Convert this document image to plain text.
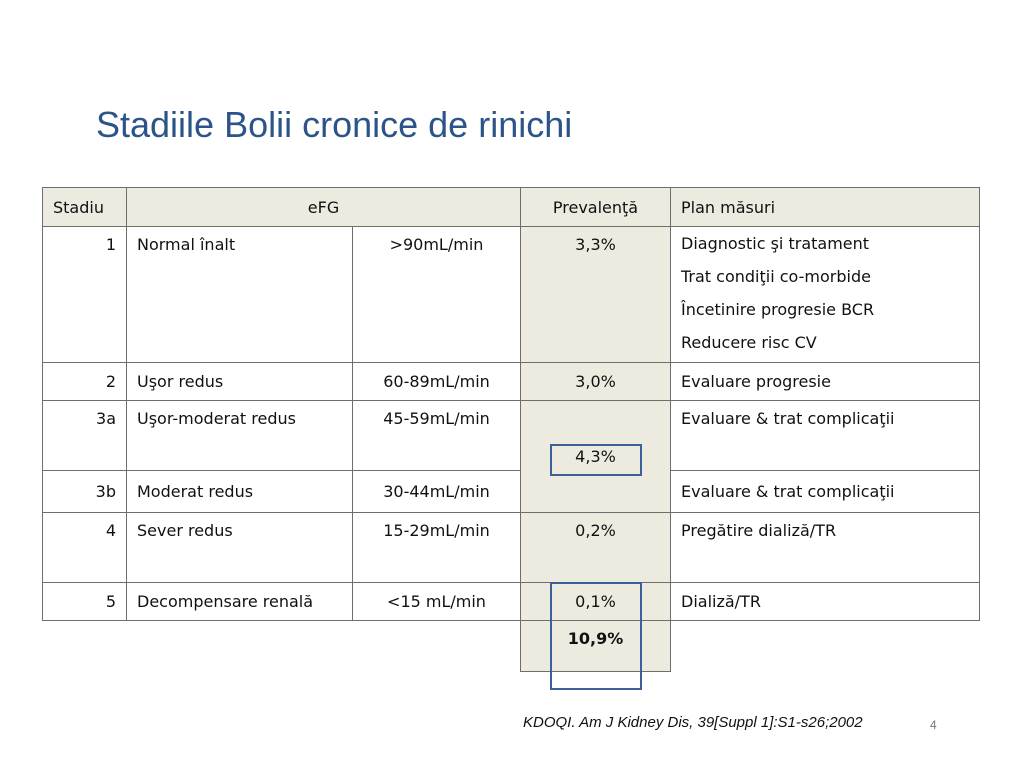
Stadiile Bolii cronice de rinichi
Stadiu	eFG		Prevalenţă	Plan măsuri
1	Normal înalt	>90mL/min	3,3%	Diagnostic şi tratament
Trat condiţii co-morbide
Încetinire progresie BCR
Reducere risc CV

2	Uşor redus	60-89mL/min	3,0%	Evaluare progresie
3a	Uşor-moderat redus	45-59mL/min	4,3%	Evaluare & trat complicaţii
3b	Moderat redus	30-44mL/min		Evaluare & trat complicaţii
4	Sever redus	15-29mL/min	0,2%	Pregătire dializă/TR
5	Decompensare renală	<15 mL/min	0,1%	Dializă/TR
			10,9%	
KDOQI. Am J Kidney Dis, 39[Suppl 1]:S1-s26;2002	4
